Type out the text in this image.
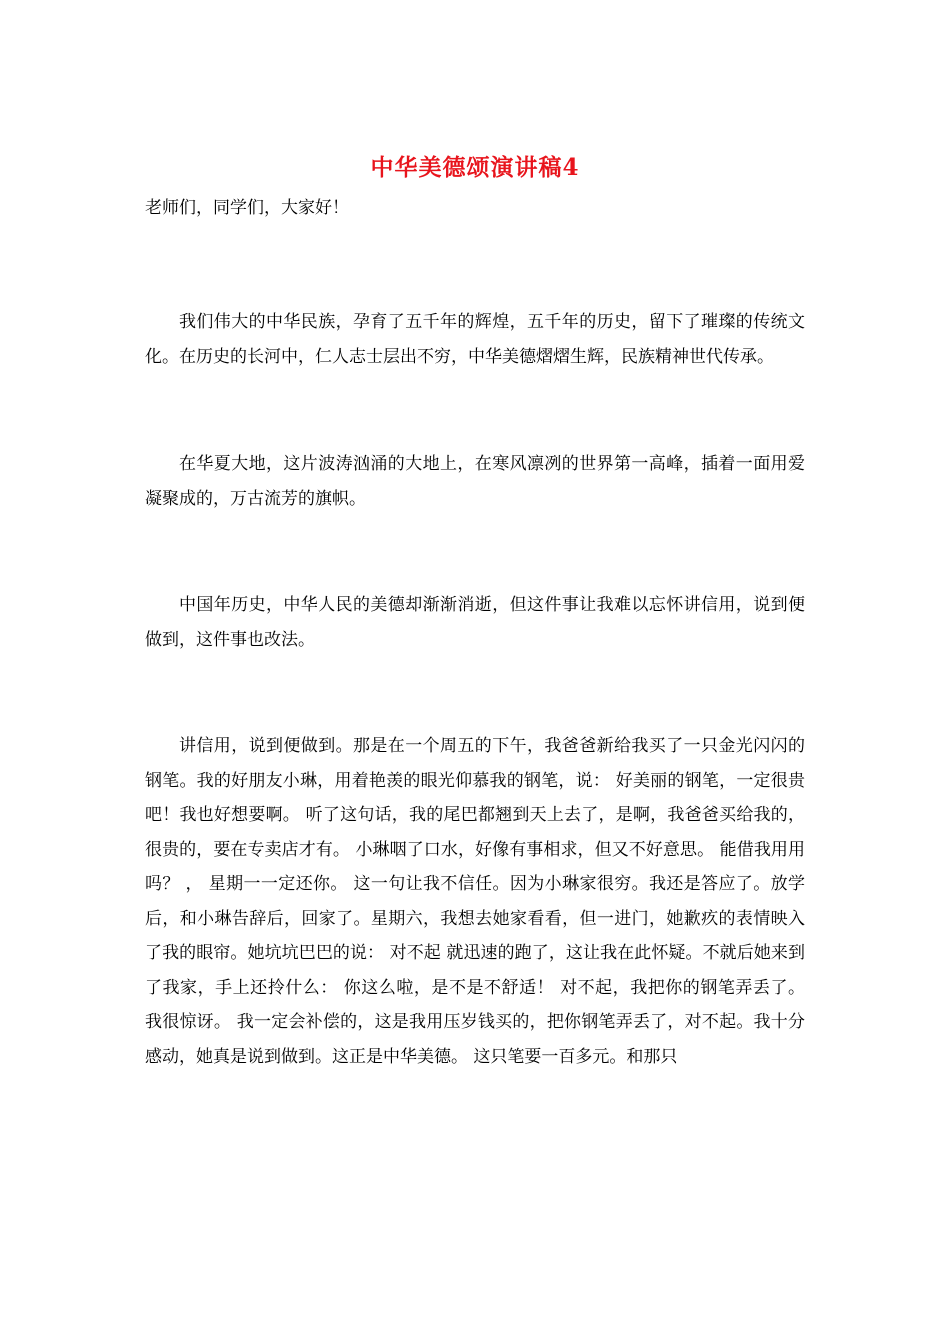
中华美德颂演讲稿4

老师们，同学们，大家好！

我们伟大的中华民族，孕育了五千年的辉煌，五千年的历史，留下了璀璨的传统文化。在历史的长河中，仁人志士层出不穷，中华美德熠熠生辉，民族精神世代传承。

在华夏大地，这片波涛汹涌的大地上，在寒风凛冽的世界第一高峰，插着一面用爱凝聚成的，万古流芳的旗帜。

中国年历史，中华人民的美德却渐渐消逝，但这件事让我难以忘怀讲信用，说到便做到，这件事也改法。

讲信用，说到便做到。那是在一个周五的下午，我爸爸新给我买了一只金光闪闪的钢笔。我的好朋友小琳，用着艳羡的眼光仰慕我的钢笔，说： 好美丽的钢笔，一定很贵吧！我也好想要啊。 听了这句话，我的尾巴都翘到天上去了，是啊，我爸爸买给我的，很贵的，要在专卖店才有。 小琳咽了口水，好像有事相求，但又不好意思。 能借我用用吗？ ， 星期一一定还你。 这一句让我不信任。因为小琳家很穷。我还是答应了。放学后，和小琳告辞后，回家了。星期六，我想去她家看看，但一进门，她歉疚的表情映入了我的眼帘。她坑坑巴巴的说： 对不起 就迅速的跑了，这让我在此怀疑。不就后她来到了我家，手上还拎什么： 你这么啦，是不是不舒适！ 对不起，我把你的钢笔弄丢了。 我很惊讶。 我一定会补偿的，这是我用压岁钱买的，把你钢笔弄丢了，对不起。我十分感动，她真是说到做到。这正是中华美德。 这只笔要一百多元。和那只
